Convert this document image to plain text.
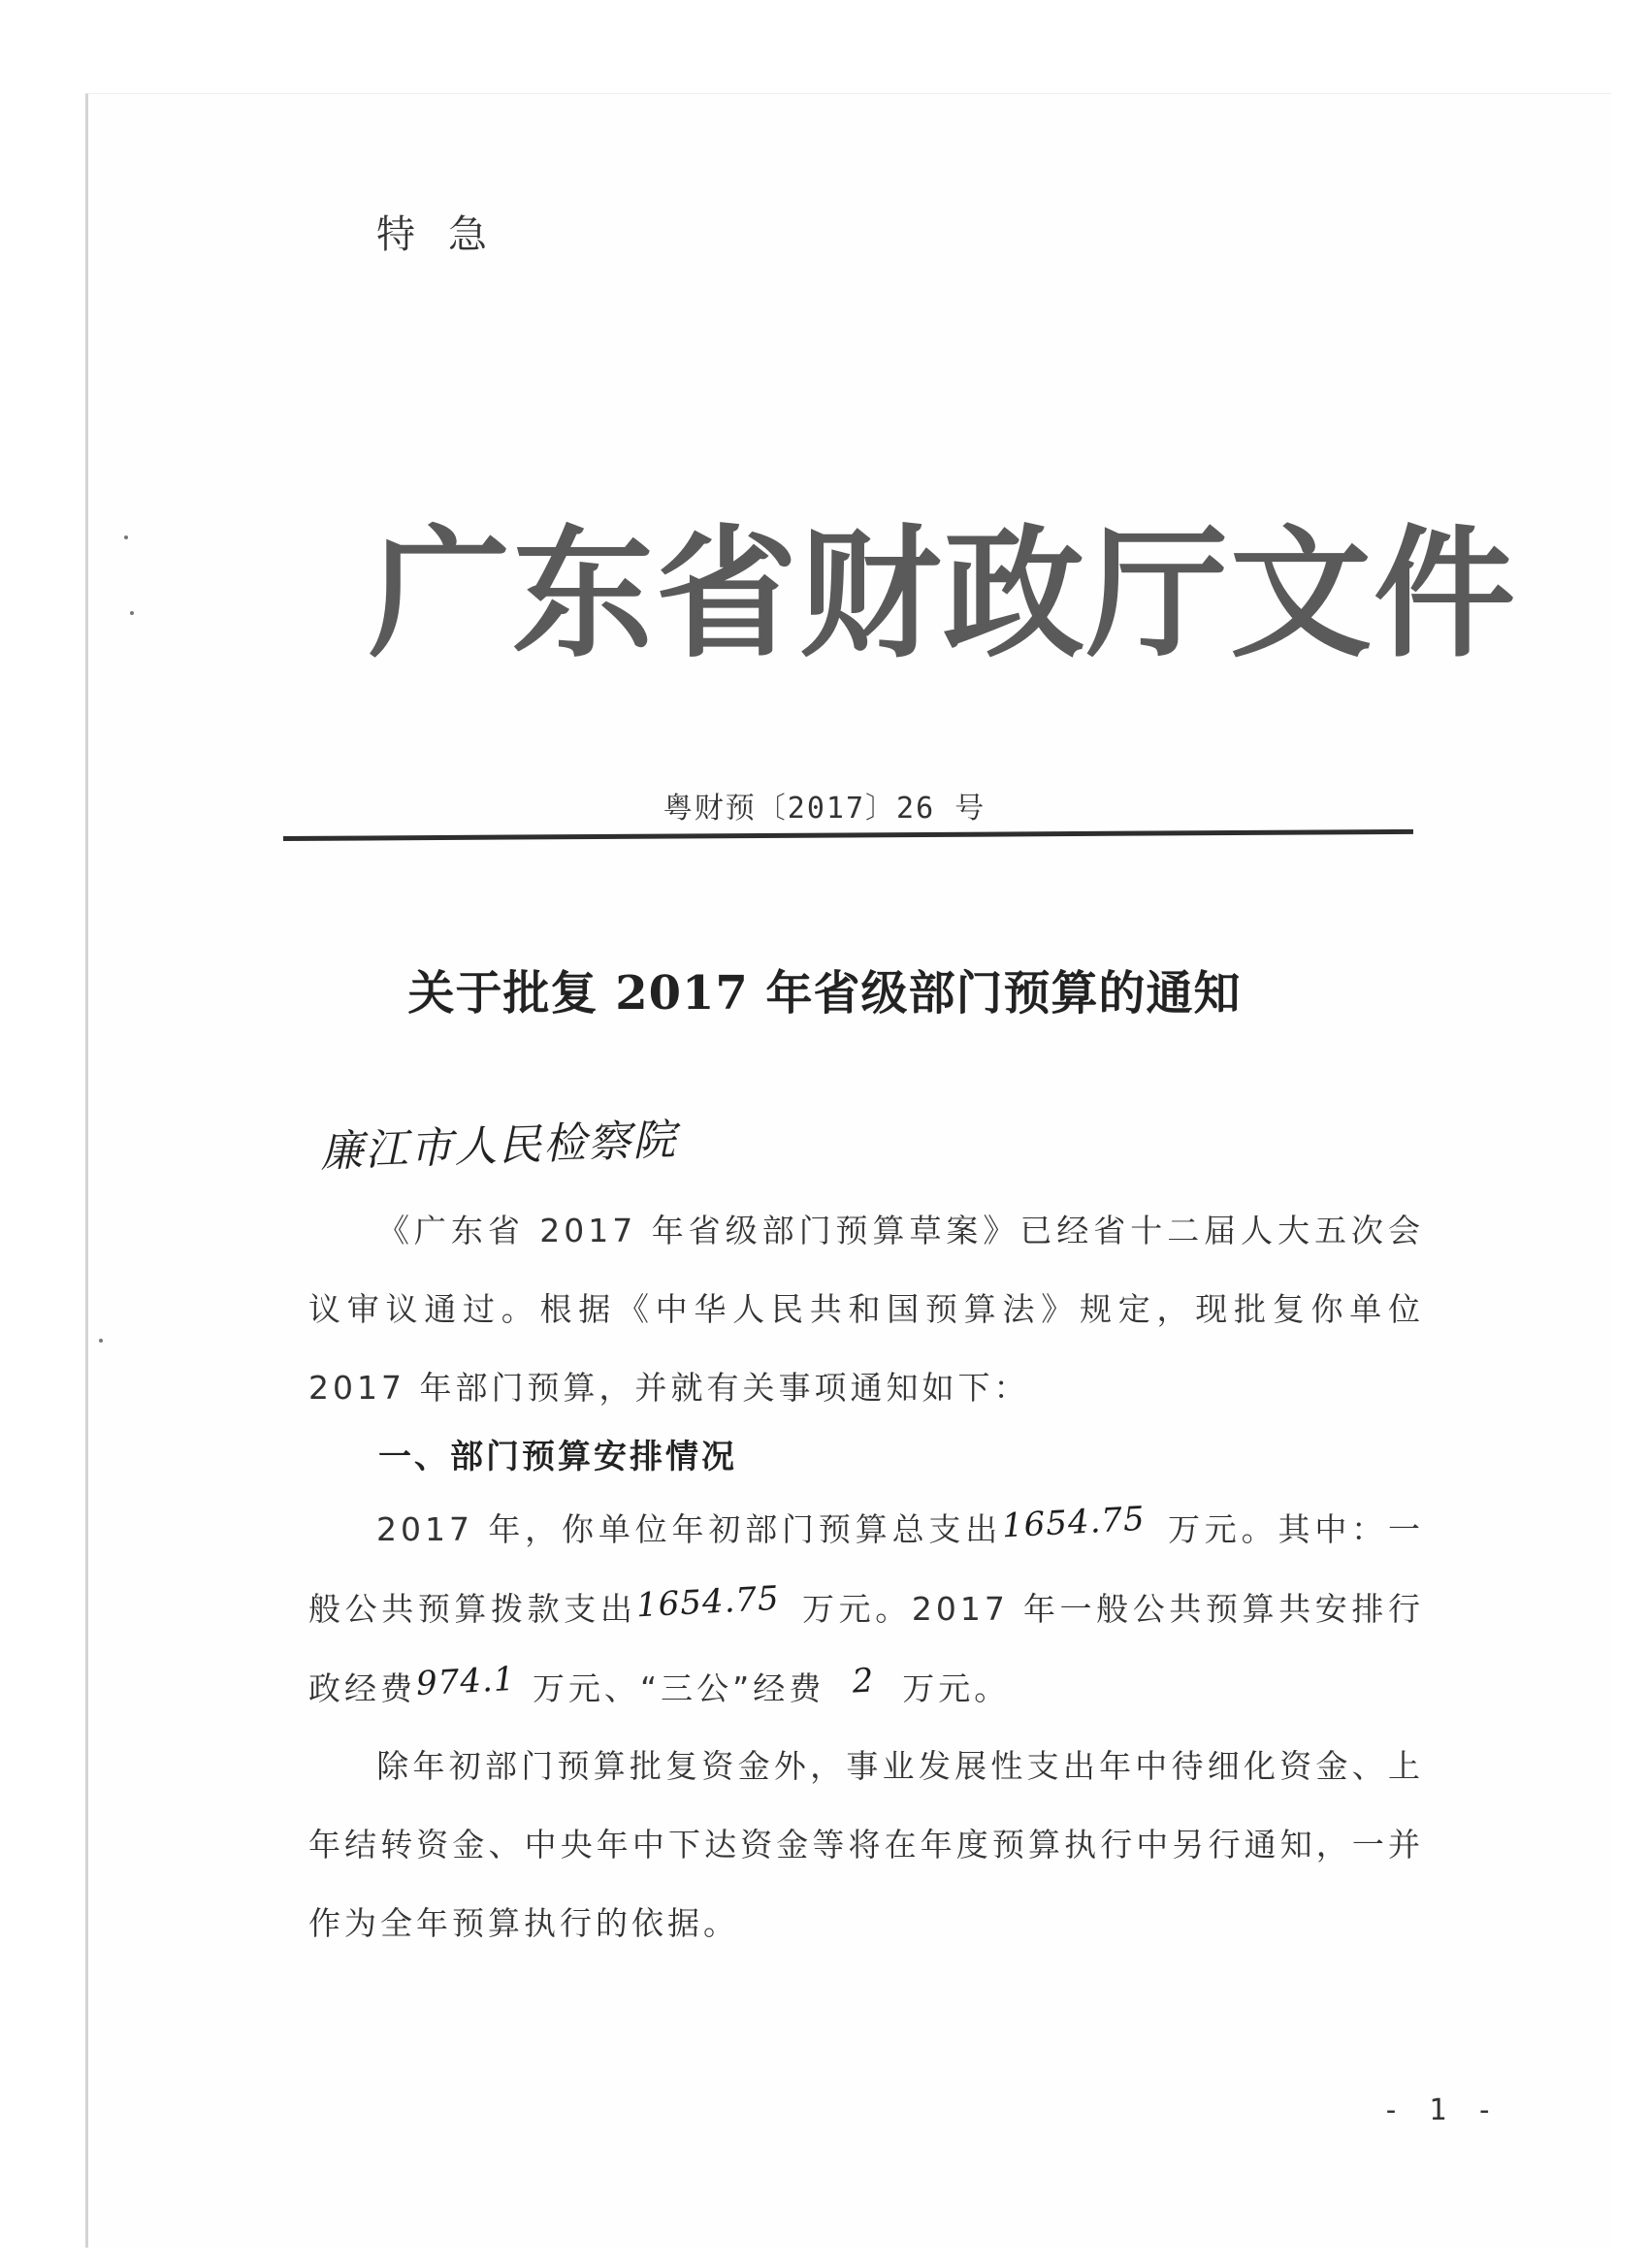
特急
广东省财政厅文件
粤财预〔2017〕26 号
关于批复 2017 年省级部门预算的通知
廉江市人民检察院
《广东省 2017 年省级部门预算草案》已经省十二届人大五次会议审议通过。根据《中华人民共和国预算法》规定，现批复你单位 2017 年部门预算，并就有关事项通知如下：
一、部门预算安排情况
2017 年，你单位年初部门预算总支出1654.75 万元。其中：一般公共预算拨款支出1654.75 万元。2017 年一般公共预算共安排行政经费974.1 万元、“三公”经费 2 万元。
除年初部门预算批复资金外，事业发展性支出年中待细化资金、上年结转资金、中央年中下达资金等将在年度预算执行中另行通知，一并作为全年预算执行的依据。
- 1 -
